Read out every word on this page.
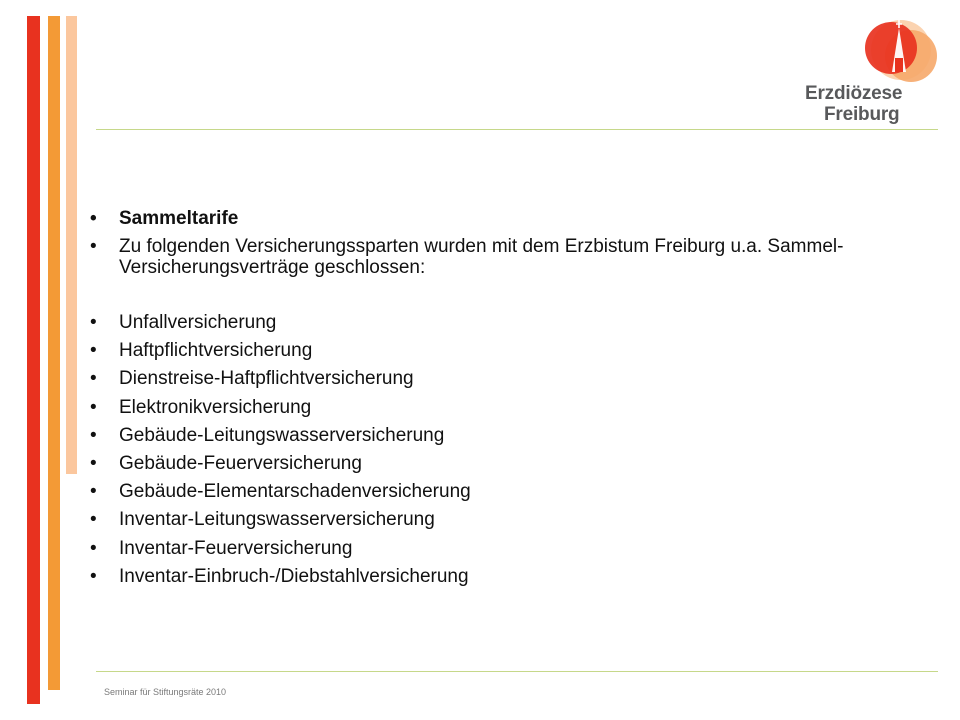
Erzdiözese
Freiburg
• Sammeltarife
• Zu folgenden Versicherungssparten wurden mit dem Erzbistum Freiburg u.a. Sammel-Versicherungsverträge geschlossen:
• Unfallversicherung
• Haftpflichtversicherung
• Dienstreise-Haftpflichtversicherung
• Elektronikversicherung
• Gebäude-Leitungswasserversicherung
• Gebäude-Feuerversicherung
• Gebäude-Elementarschadenversicherung
• Inventar-Leitungswasserversicherung
• Inventar-Feuerversicherung
• Inventar-Einbruch-/Diebstahlversicherung
Seminar für Stiftungsräte 2010
